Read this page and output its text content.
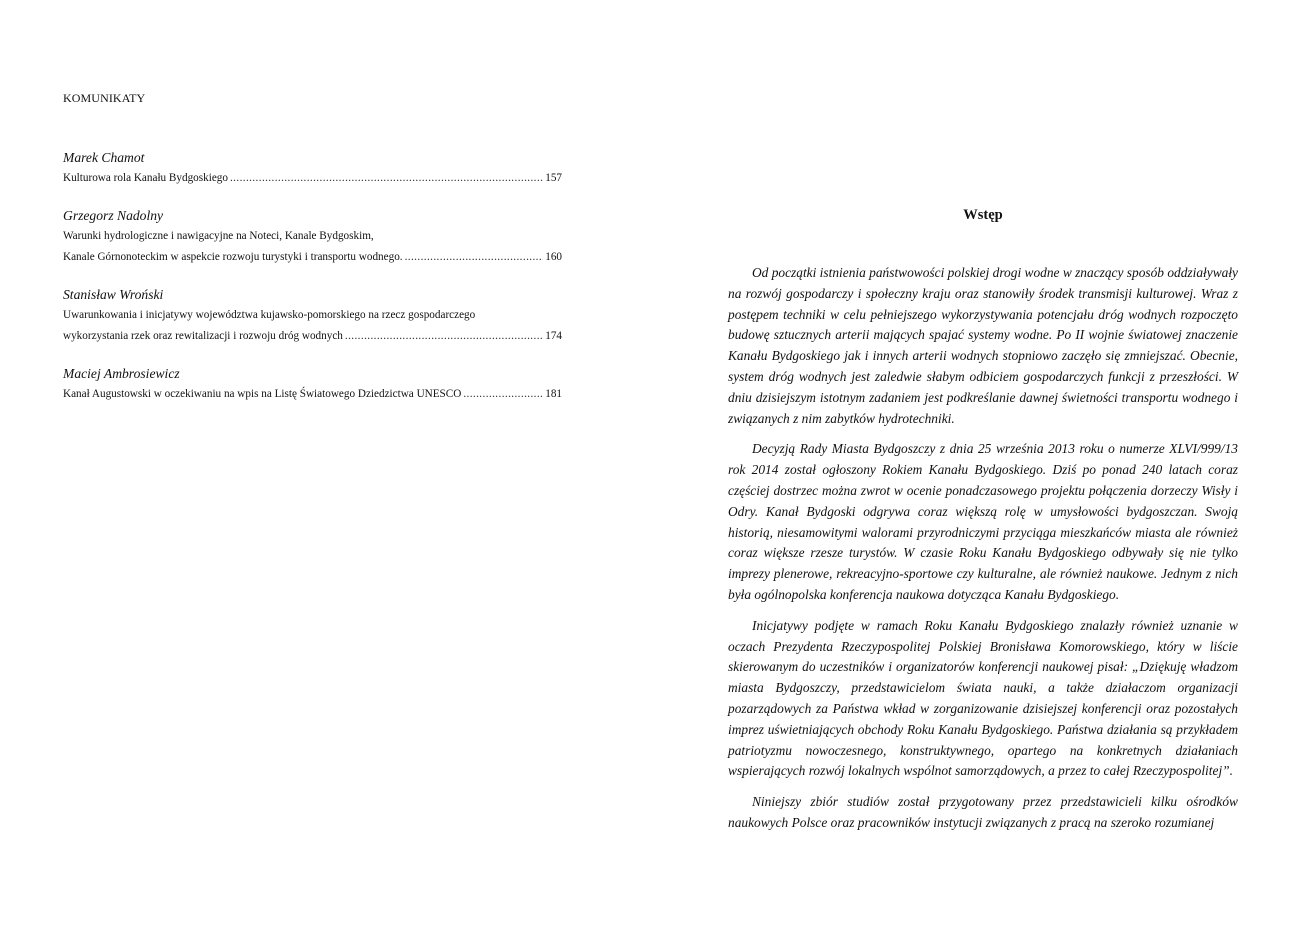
KOMUNIKATY
Marek Chamot
Kulturowa rola Kanału Bydgoskiego .....	157
Grzegorz Nadolny
Warunki hydrologiczne i nawigacyjne na Noteci, Kanale Bydgoskim,
Kanale Górnonoteckim w aspekcie rozwoju turystyki i transportu wodnego. .....	160
Stanisław Wroński
Uwarunkowania i inicjatywy województwa kujawsko-pomorskiego na rzecz gospodarczego
wykorzystania rzek oraz rewitalizacji i rozwoju dróg wodnych .....	174
Maciej Ambrosiewicz
Kanał Augustowski w oczekiwaniu na wpis na Listę Światowego Dziedzictwa UNESCO .....	181
Wstęp

Od początki istnienia państwowości polskiej drogi wodne w znaczący sposób oddziaływały na rozwój gospodarczy i społeczny kraju oraz stanowiły środek transmisji kulturowej. Wraz z postępem techniki w celu pełniejszego wykorzystywania potencjału dróg wodnych rozpoczęto budowę sztucznych arterii mających spajać systemy wodne. Po II wojnie światowej znaczenie Kanału Bydgoskiego jak i innych arterii wodnych stopniowo zaczęło się zmniejszać. Obecnie, system dróg wodnych jest zaledwie słabym odbiciem gospodarczych funkcji z przeszłości. W dniu dzisiejszym istotnym zadaniem jest podkreślanie dawnej świetności transportu wodnego i związanych z nim zabytków hydrotechniki.

Decyzją Rady Miasta Bydgoszczy z dnia 25 września 2013 roku o numerze XLVI/999/13 rok 2014 został ogłoszony Rokiem Kanału Bydgoskiego. Dziś po ponad 240 latach coraz częściej dostrzec można zwrot w ocenie ponadczasowego projektu połączenia dorzeczy Wisły i Odry. Kanał Bydgoski odgrywa coraz większą rolę w umysłowości bydgoszczan. Swoją historią, niesamowitymi walorami przyrodniczymi przyciąga mieszkańców miasta ale również coraz większe rzesze turystów. W czasie Roku Kanału Bydgoskiego odbywały się nie tylko imprezy plenerowe, rekreacyjno-sportowe czy kulturalne, ale również naukowe. Jednym z nich była ogólnopolska konferencja naukowa dotycząca Kanału Bydgoskiego.

Inicjatywy podjęte w ramach Roku Kanału Bydgoskiego znalazły również uznanie w oczach Prezydenta Rzeczypospolitej Polskiej Bronisława Komorowskiego, który w liście skierowanym do uczestników i organizatorów konferencji naukowej pisał: „Dziękuję władzom miasta Bydgoszczy, przedstawicielom świata nauki, a także działaczom organizacji pozarządowych za Państwa wkład w zorganizowanie dzisiejszej konferencji oraz pozostałych imprez uświetniających obchody Roku Kanału Bydgoskiego. Państwa działania są przykładem patriotyzmu nowoczesnego, konstruktywnego, opartego na konkretnych działaniach wspierających rozwój lokalnych wspólnot samorządowych, a przez to całej Rzeczypospolitej”.

Niniejszy zbiór studiów został przygotowany przez przedstawicieli kilku ośrodków naukowych Polsce oraz pracowników instytucji związanych z pracą na szeroko rozumianej
